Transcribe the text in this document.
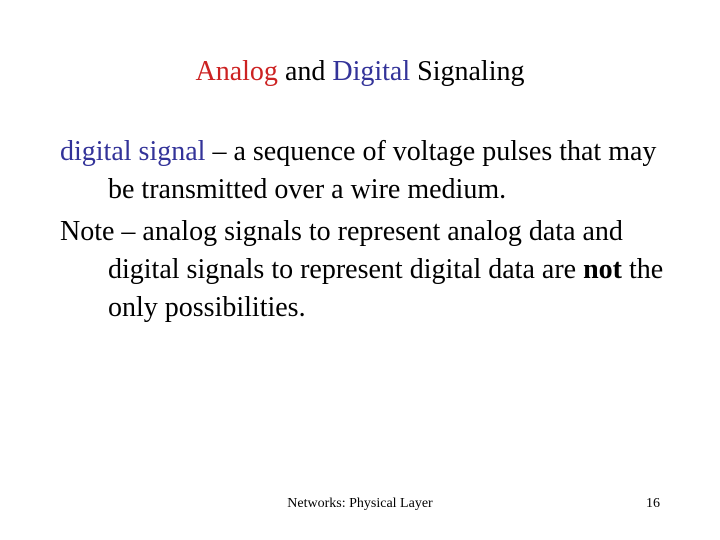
Analog and Digital Signaling

digital signal – a sequence of voltage pulses that may be transmitted over a wire medium.

Note – analog signals to represent analog data and digital signals to represent digital data are not the only possibilities.

Networks: Physical Layer	16
